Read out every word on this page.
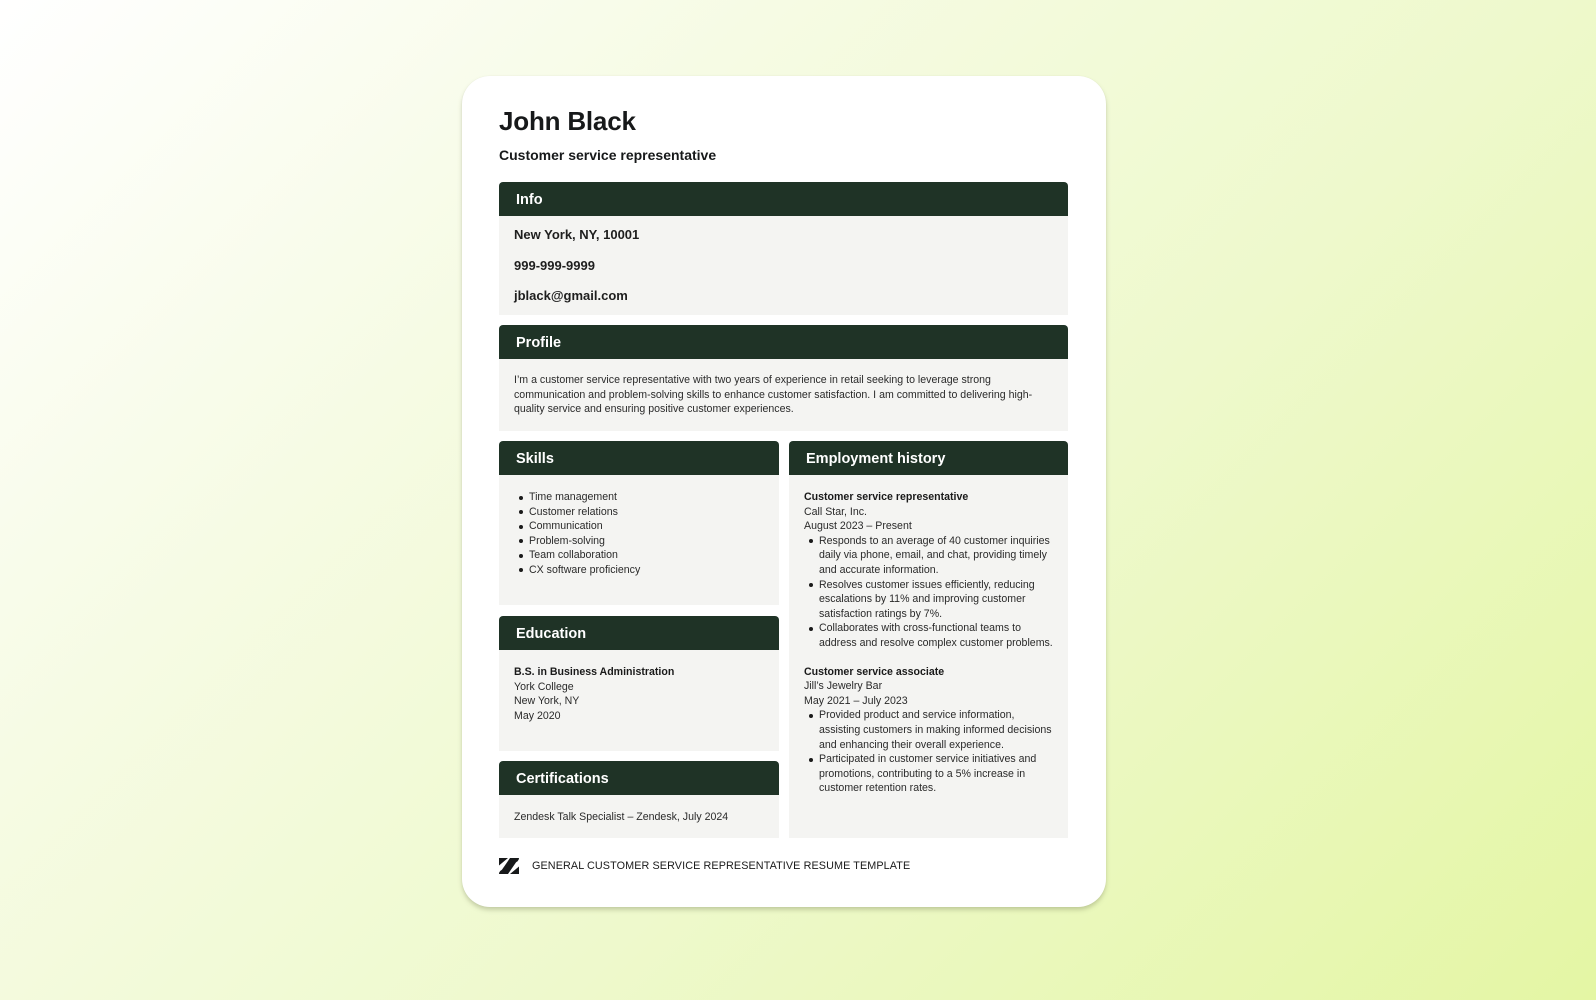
John Black
Customer service representative
Info
New York, NY, 10001
999-999-9999
jblack@gmail.com
Profile
I’m a customer service representative with two years of experience in retail seeking to leverage strong communication and problem-solving skills to enhance customer satisfaction. I am committed to delivering high-quality service and ensuring positive customer experiences.
Skills
Time management
Customer relations
Communication
Problem-solving
Team collaboration
CX software proficiency
Employment history
Customer service representative
Call Star, Inc.
August 2023 – Present
Responds to an average of 40 customer inquiries daily via phone, email, and chat, providing timely and accurate information.
Resolves customer issues efficiently, reducing escalations by 11% and improving customer satisfaction ratings by 7%.
Collaborates with cross-functional teams to address and resolve complex customer problems.
Customer service associate
Jill’s Jewelry Bar
May 2021 – July 2023
Provided product and service information, assisting customers in making informed decisions and enhancing their overall experience.
Participated in customer service initiatives and promotions, contributing to a 5% increase in customer retention rates.
Education
B.S. in Business Administration
York College
New York, NY
May 2020
Certifications
Zendesk Talk Specialist – Zendesk, July 2024
GENERAL CUSTOMER SERVICE REPRESENTATIVE RESUME TEMPLATE
